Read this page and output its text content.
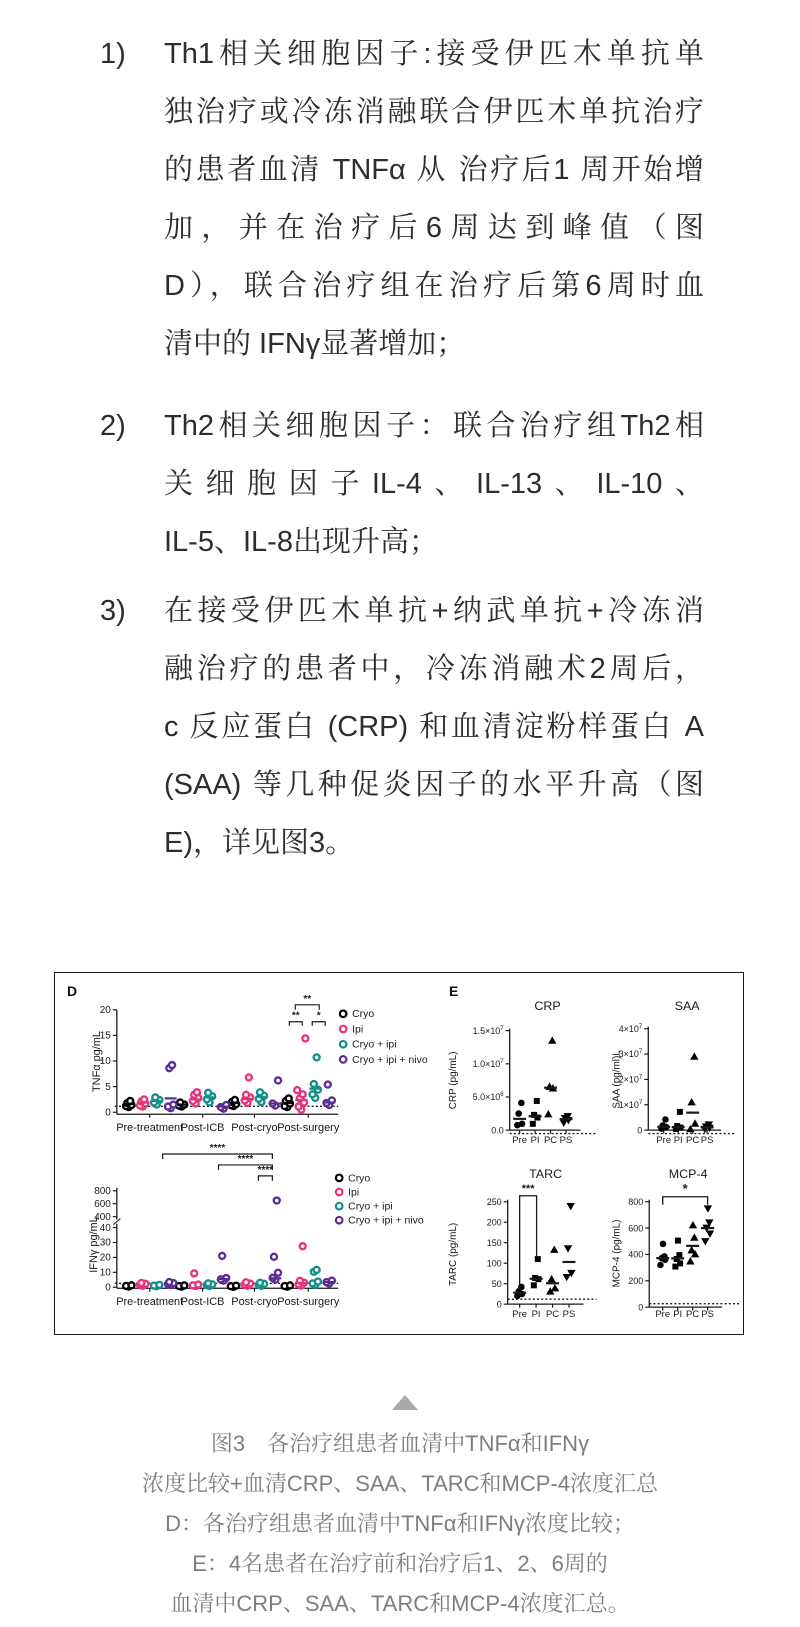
1)	Th1相关细胞因子:接受伊匹木单抗单
独治疗或冷冻消融联合伊匹木单抗治疗
的患者血清 TNFα 从 治疗后1 周开始增
加，并在治疗后6周达到峰值（图
D），联合治疗组在治疗后第6周时血
清中的 IFNγ显著增加；
2)	Th2相关细胞因子：联合治疗组Th2相
关细胞因子IL-4、IL-13、IL-10、
IL-5、IL-8出现升高；
3)	在接受伊匹木单抗+纳武单抗+冷冻消
融治疗的患者中，冷冻消融术2周后，
c 反应蛋白 (CRP) 和血清淀粉样蛋白 A
(SAA) 等几种促炎因子的水平升高（图
E)，详见图3。
D	E
0
5
10
15
20
Pre-treatment
Post-ICB Post-cryo Post-surgery
TNFα pg/mL
Cryo
Ipi
Cryo + ipi
Cryo + ipi + nivo
**
** *
0
10
20
30
40
400
600
800
Pre-treatment
Post-ICB Post-cryo Post-surgery
IFNγ pg/mL
Cryo
Ipi
Cryo + ipi
Cryo + ipi + nivo
****
****
****
0.0
$5.0\times 10^6$
$1.0\times 10^7$
$1.5\times 10^7$
Pre PI PC PS
CRP (pg/mL)
CRP
0
$1\times 10^7$
$2\times 10^7$
$3\times 10^7$
$4\times 10^7$
Pre PI PC PS
SAA (pg/ml)L
SAA
0
50
100
150
200
250
Pre PI PC PS
TARC (pg/mL)
TARC
***
0
200
400
600
800
Pre PI PC PS
MCP-4 (pg/mL)
MCP-4
*
图3　各治疗组患者血清中TNFα和IFNγ
浓度比较+血清CRP、SAA、TARC和MCP-4浓度汇总
D：各治疗组患者血清中TNFα和IFNγ浓度比较；
E：4名患者在治疗前和治疗后1、2、6周的
血清中CRP、SAA、TARC和MCP-4浓度汇总。
